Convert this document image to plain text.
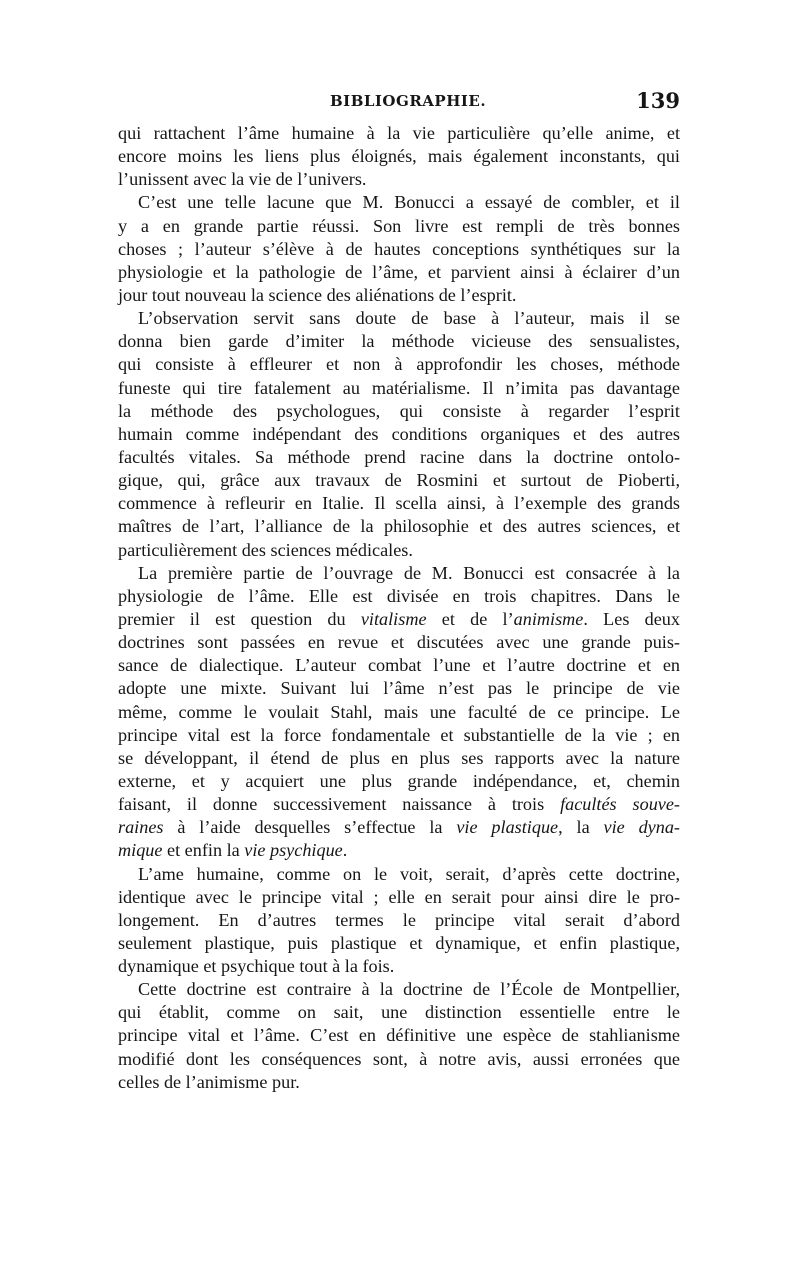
BIBLIOGRAPHIE.	139
qui rattachent l’âme humaine à la vie particulière qu’elle anime, et
encore moins les liens plus éloignés, mais également inconstants, qui
l’unissent avec la vie de l’univers.
C’est une telle lacune que M. Bonucci a essayé de combler, et il
y a en grande partie réussi. Son livre est rempli de très bonnes
choses ; l’auteur s’élève à de hautes conceptions synthétiques sur la
physiologie et la pathologie de l’âme, et parvient ainsi à éclairer d’un
jour tout nouveau la science des aliénations de l’esprit.
L’observation servit sans doute de base à l’auteur, mais il se
donna bien garde d’imiter la méthode vicieuse des sensualistes,
qui consiste à effleurer et non à approfondir les choses, méthode
funeste qui tire fatalement au matérialisme. Il n’imita pas davantage
la méthode des psychologues, qui consiste à regarder l’esprit
humain comme indépendant des conditions organiques et des autres
facultés vitales. Sa méthode prend racine dans la doctrine ontolo-
gique, qui, grâce aux travaux de Rosmini et surtout de Pioberti,
commence à refleurir en Italie. Il scella ainsi, à l’exemple des grands
maîtres de l’art, l’alliance de la philosophie et des autres sciences, et
particulièrement des sciences médicales.
La première partie de l’ouvrage de M. Bonucci est consacrée à la
physiologie de l’âme. Elle est divisée en trois chapitres. Dans le
premier il est question du vitalisme et de l’animisme. Les deux
doctrines sont passées en revue et discutées avec une grande puis-
sance de dialectique. L’auteur combat l’une et l’autre doctrine et en
adopte une mixte. Suivant lui l’âme n’est pas le principe de vie
même, comme le voulait Stahl, mais une faculté de ce principe. Le
principe vital est la force fondamentale et substantielle de la vie ; en
se développant, il étend de plus en plus ses rapports avec la nature
externe, et y acquiert une plus grande indépendance, et, chemin
faisant, il donne successivement naissance à trois facultés souve-
raines à l’aide desquelles s’effectue la vie plastique, la vie dyna-
mique et enfin la vie psychique.
L’ame humaine, comme on le voit, serait, d’après cette doctrine,
identique avec le principe vital ; elle en serait pour ainsi dire le pro-
longement. En d’autres termes le principe vital serait d’abord
seulement plastique, puis plastique et dynamique, et enfin plastique,
dynamique et psychique tout à la fois.
Cette doctrine est contraire à la doctrine de l’École de Montpellier,
qui établit, comme on sait, une distinction essentielle entre le
principe vital et l’âme. C’est en définitive une espèce de stahlianisme
modifié dont les conséquences sont, à notre avis, aussi erronées que
celles de l’animisme pur.
